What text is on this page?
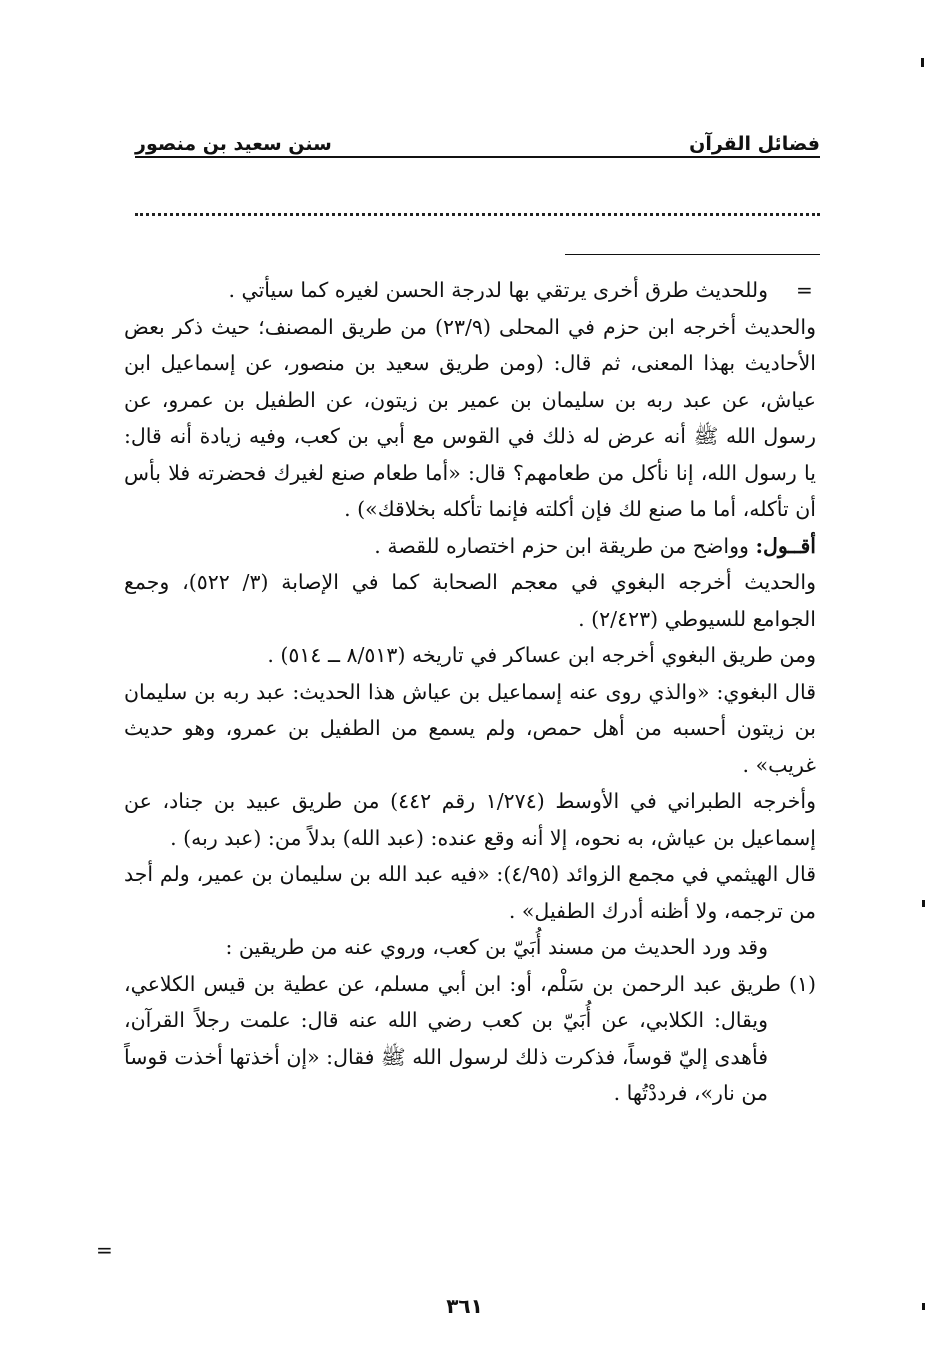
فضائل القرآن
سنن سعيد بن منصور
=

وللحديث طرق أخرى يرتقي بها لدرجة الحسن لغيره كما سيأتي .

والحديث أخرجه ابن حزم في المحلى (٢٣/٩) من طريق المصنف؛ حيث ذكر بعض الأحاديث بهذا المعنى، ثم قال: (ومن طريق سعيد بن منصور، عن إسماعيل ابن عياش، عن عبد ربه بن سليمان بن عمير بن زيتون، عن الطفيل بن عمرو، عن رسول الله ﷺ أنه عرض له ذلك في القوس مع أبي بن كعب، وفيه زيادة أنه قال: يا رسول الله، إنا نأكل من طعامهم؟ قال: «أما طعام صنع لغيرك فحضرته فلا بأس أن تأكله، أما ما صنع لك فإن أكلته فإنما تأكله بخلاقك») .

أقــول: وواضح من طريقة ابن حزم اختصاره للقصة .

والحديث أخرجه البغوي في معجم الصحابة كما في الإصابة (٣/ ٥٢٢)، وجمع الجوامع للسيوطي (٢/٤٢٣) .

ومن طريق البغوي أخرجه ابن عساكر في تاريخه (٨/٥١٣ ــ ٥١٤) .

قال البغوي: «والذي روى عنه إسماعيل بن عياش هذا الحديث: عبد ربه بن سليمان بن زيتون أحسبه من أهل حمص، ولم يسمع من الطفيل بن عمرو، وهو حديث غريب» .

وأخرجه الطبراني في الأوسط (١/٢٧٤ رقم ٤٤٢) من طريق عبيد بن جناد، عن إسماعيل بن عياش، به نحوه، إلا أنه وقع عنده: (عبد الله) بدلاً من: (عبد ربه) .

قال الهيثمي في مجمع الزوائد (٤/٩٥): «فيه عبد الله بن سليمان بن عمير، ولم أجد من ترجمه، ولا أظنه أدرك الطفيل» .

وقد ورد الحديث من مسند أُبَيّ بن كعب، وروي عنه من طريقين :

(١) طريق عبد الرحمن بن سَلْم، أو: ابن أبي مسلم، عن عطية بن قيس الكلاعي، ويقال: الكلابي، عن أُبَيّ بن كعب رضي الله عنه قال: علمت رجلاً القرآن، فأهدى إليّ قوساً، فذكرت ذلك لرسول الله ﷺ فقال: «إن أخذتها أخذت قوساً من نار»، فرددْتُها .

=
٣٦١
